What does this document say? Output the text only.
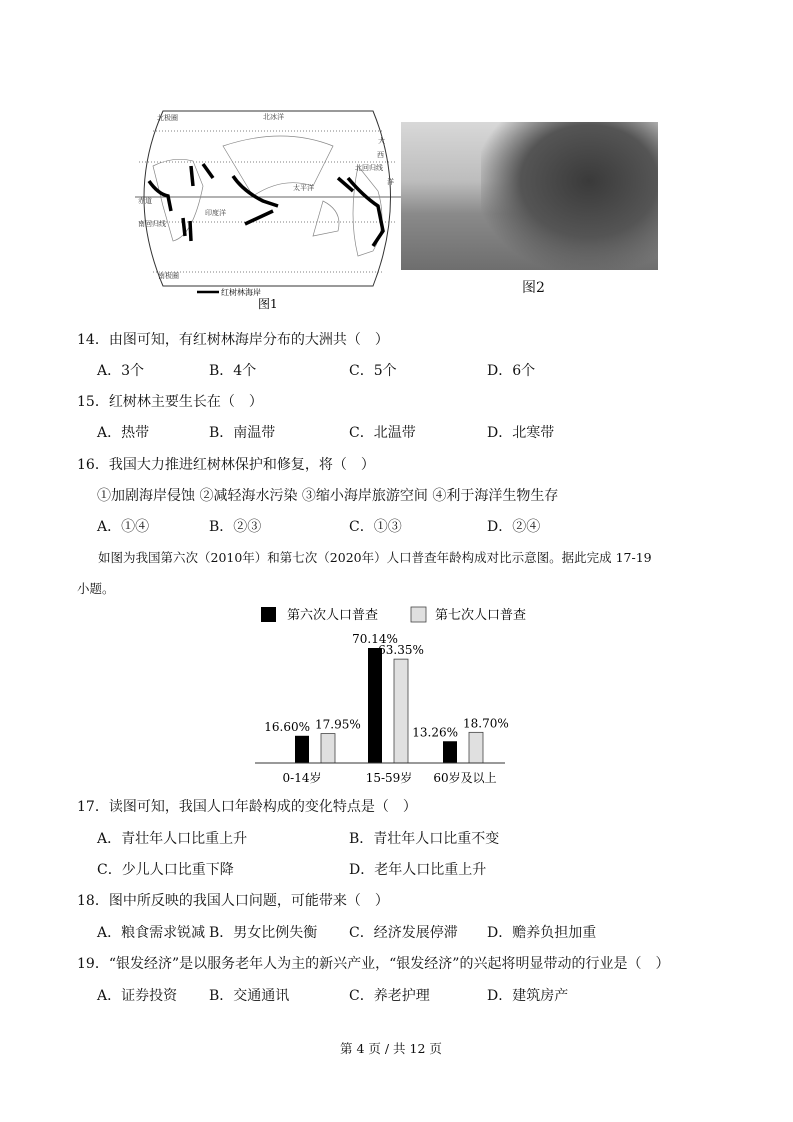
北冰洋
北极圈
太平洋
印度洋
赤道
南回归线
北回归线
南极圈
大
西
洋
红树林海岸
图1
图2
14．由图可知，有红树林海岸分布的大洲共（　）
A．3个	B．4个	C．5个	D．6个
15．红树林主要生长在（　）
A．热带	B．南温带	C．北温带	D．北寒带
16．我国大力推进红树林保护和修复，将（　）
①加剧海岸侵蚀 ②减轻海水污染 ③缩小海岸旅游空间 ④利于海洋生物生存
A．①④	B．②③	C．①③	D．②④
如图为我国第六次（2010年）和第七次（2020年）人口普查年龄构成对比示意图。据此完成 17-19
小题。
第六次人口普查	第七次人口普查
16.60%
70.14%
13.26%
17.95%
63.35%
18.70%
0-14岁	15-59岁 60岁及以上
17．读图可知，我国人口年龄构成的变化特点是（　）
A．青壮年人口比重上升	B．青壮年人口比重不变
C．少儿人口比重下降	D．老年人口比重上升
18．图中所反映的我国人口问题，可能带来（　）
A．粮食需求锐减 B．男女比例失衡 C．经济发展停滞 D．赡养负担加重
19．“银发经济”是以服务老年人为主的新兴产业，“银发经济”的兴起将明显带动的行业是（　）
A．证券投资 B．交通通讯	C．养老护理	D．建筑房产
第 4 页 / 共 12 页
